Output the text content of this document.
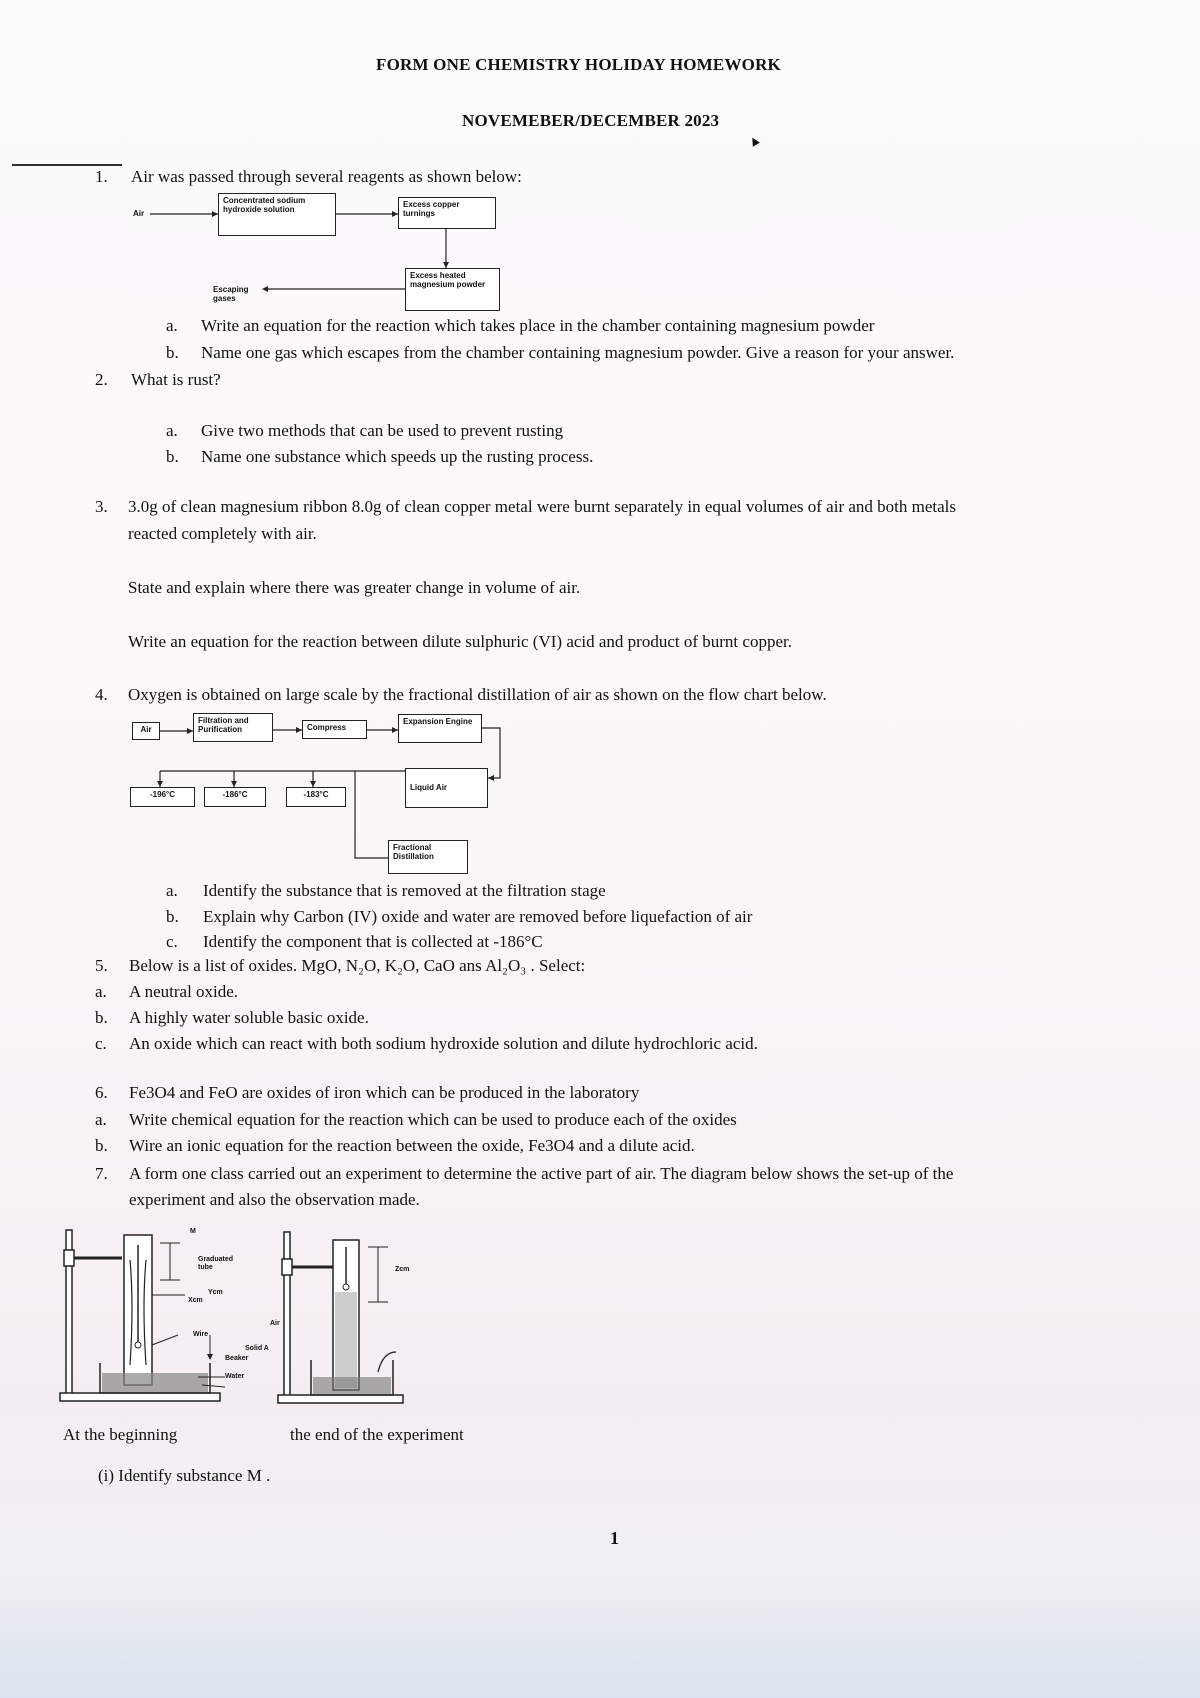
FORM ONE CHEMISTRY HOLIDAY HOMEWORK
NOVEMEBER/DECEMBER 2023
▲
1. Air was passed through several reagents as shown below:
Air
Concentrated sodium hydroxide solution
Excess copper turnings
Excess heated magnesium powder
Escaping gases
a. Write an equation for the reaction which takes place in the chamber containing magnesium powder
b. Name one gas which escapes from the chamber containing magnesium powder. Give a reason for your answer.
2. What is rust?
a. Give two methods that can be used to prevent rusting
b. Name one substance which speeds up the rusting process.
3. 3.0g of clean magnesium ribbon 8.0g of clean copper metal were burnt separately in equal volumes of air and both metals
reacted completely with air.
State and explain where there was greater change in volume of air.
Write an equation for the reaction between dilute sulphuric (VI) acid and product of burnt copper.
4. Oxygen is obtained on large scale by the fractional distillation of air as shown on the flow chart below.
Air
Filtration and Purification	Compress
Expansion Engine
Liquid Air
-196°C	-186°C	-183°C
Fractional Distillation
a. Identify the substance that is removed at the filtration stage
b. Explain why Carbon (IV) oxide and water are removed before liquefaction of air
c. Identify the component that is collected at -186°C
5. Below is a list of oxides. MgO, N₂O, K₂O, CaO ans Al₂O₃ . Select:
a. A neutral oxide.
b. A highly water soluble basic oxide.
c. An oxide which can react with both sodium hydroxide solution and dilute hydrochloric acid.
6. Fe3O4 and FeO are oxides of iron which can be produced in the laboratory
a. Write chemical equation for the reaction which can be used to produce each of the oxides
b. Wire an ionic equation for the reaction between the oxide, Fe3O4 and a dilute acid.
7. A form one class carried out an experiment to determine the active part of air. The diagram below shows the set-up of the
experiment and also the observation made.
M
Graduated tube
Ycm
Xcm
Wire
Solid A
Beaker
Water
Zcm
Air
At the beginning	the end of the experiment
(i) Identify substance M .
1
